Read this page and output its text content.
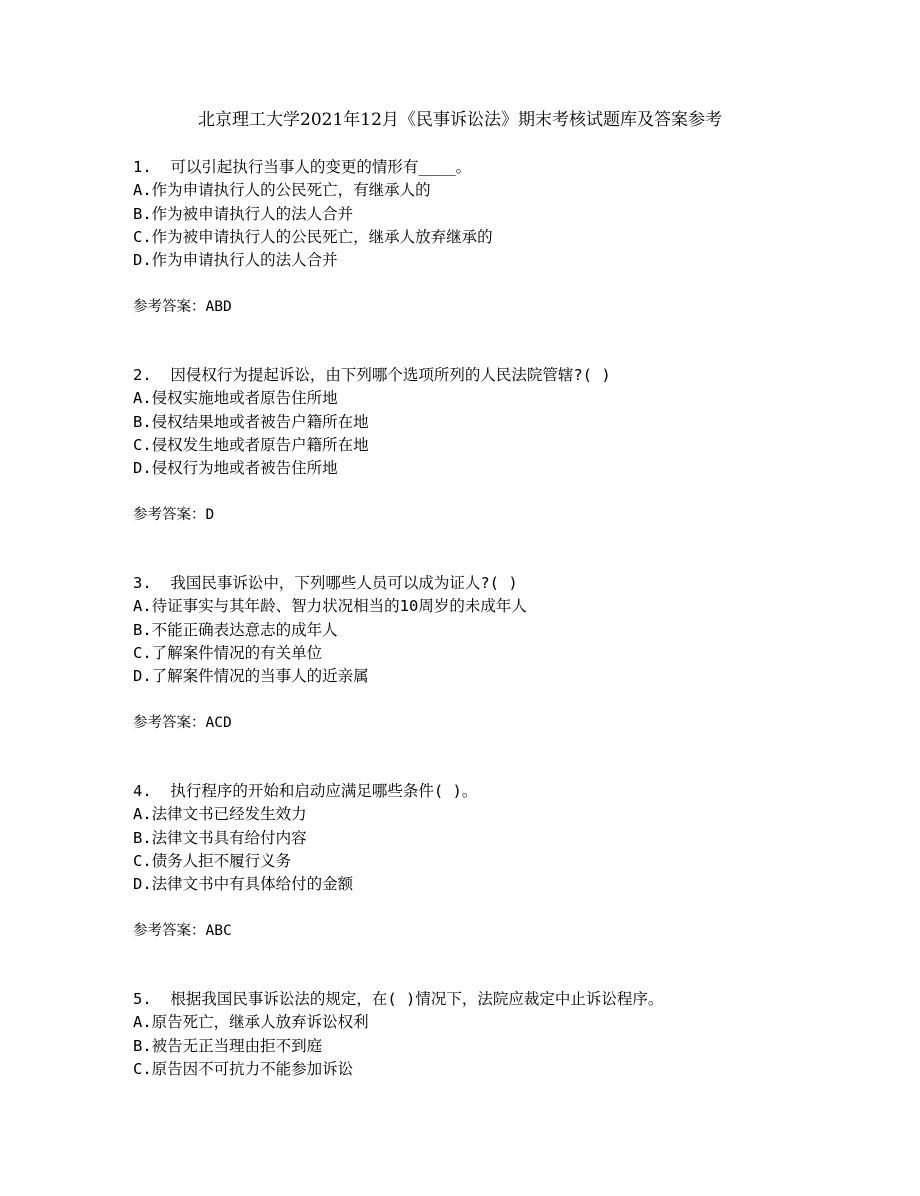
北京理工大学2021年12月《民事诉讼法》期末考核试题库及答案参考
1. 可以引起执行当事人的变更的情形有____。
A.作为申请执行人的公民死亡，有继承人的
B.作为被申请执行人的法人合并
C.作为被申请执行人的公民死亡，继承人放弃继承的
D.作为申请执行人的法人合并
参考答案：ABD
2. 因侵权行为提起诉讼，由下列哪个选项所列的人民法院管辖?( )
A.侵权实施地或者原告住所地
B.侵权结果地或者被告户籍所在地
C.侵权发生地或者原告户籍所在地
D.侵权行为地或者被告住所地
参考答案：D
3. 我国民事诉讼中，下列哪些人员可以成为证人?( )
A.待证事实与其年龄、智力状况相当的10周岁的未成年人
B.不能正确表达意志的成年人
C.了解案件情况的有关单位
D.了解案件情况的当事人的近亲属
参考答案：ACD
4. 执行程序的开始和启动应满足哪些条件( )。
A.法律文书已经发生效力
B.法律文书具有给付内容
C.债务人拒不履行义务
D.法律文书中有具体给付的金额
参考答案：ABC
5. 根据我国民事诉讼法的规定，在( )情况下，法院应裁定中止诉讼程序。
A.原告死亡，继承人放弃诉讼权利
B.被告无正当理由拒不到庭
C.原告因不可抗力不能参加诉讼
